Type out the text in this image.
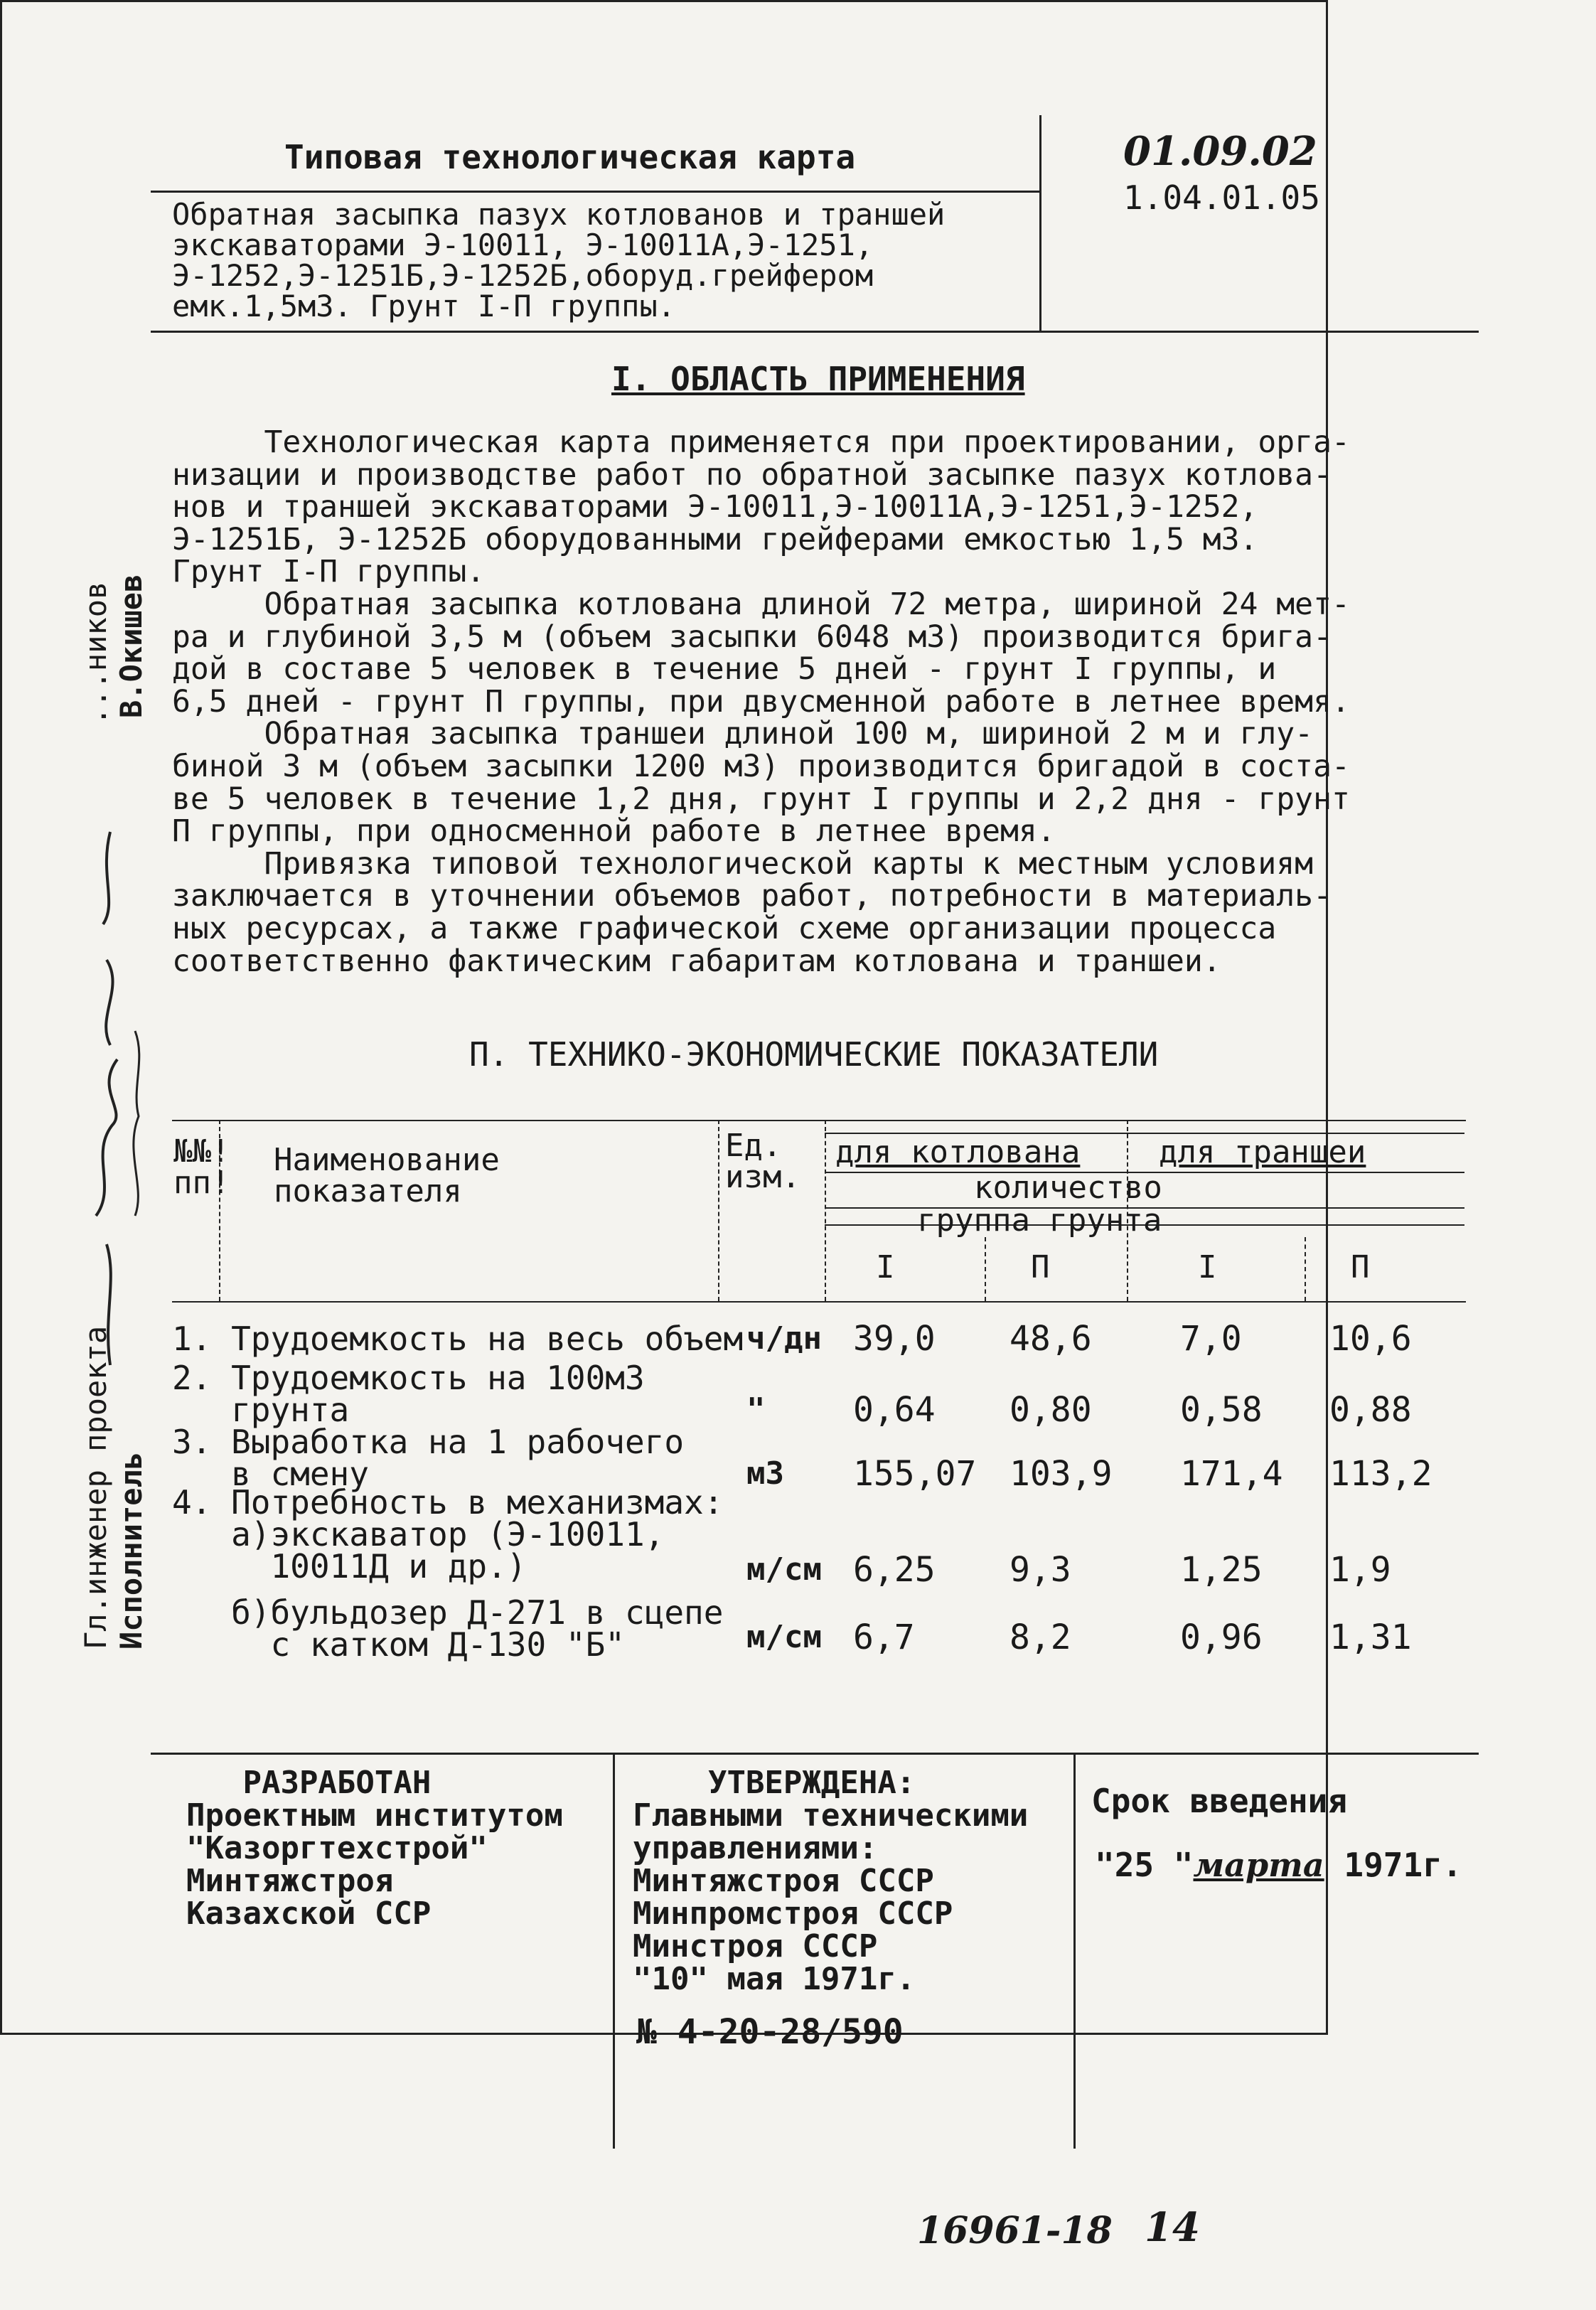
Типовая технологическая карта
Обратная засыпка пазух котлованов и траншей
экскаваторами Э-10011, Э-10011А,Э-1251,
Э-1252,Э-1251Б,Э-1252Б,оборуд.грейфером
емк.1,5м3. Грунт I-П группы.
01.09.02
1.04.01.05
Гл.инженер проекта
...ников
Исполнитель
В.Окишев
I. ОБЛАСТЬ ПРИМЕНЕНИЯ
Технологическая карта применяется при проектировании, орга-
низации и производстве работ по обратной засыпке пазух котлова-
нов и траншей экскаваторами Э-10011,Э-10011А,Э-1251,Э-1252,
Э-1251Б, Э-1252Б оборудованными грейферами емкостью 1,5 м3.
Грунт I-П группы.
Обратная засыпка котлована длиной 72 метра, шириной 24 мет-
ра и глубиной 3,5 м (объем засыпки 6048 м3) производится брига-
дой в составе 5 человек в течение 5 дней - грунт I группы, и
6,5 дней - грунт П группы, при двусменной работе в летнее время.
Обратная засыпка траншеи длиной 100 м, шириной 2 м и глу-
биной 3 м (объем засыпки 1200 м3) производится бригадой в соста-
ве 5 человек в течение 1,2 дня, грунт I группы и 2,2 дня - грунт
П группы, при односменной работе в летнее время.
Привязка типовой технологической карты к местным условиям
заключается в уточнении объемов работ, потребности в материаль-
ных ресурсах, а также графической схеме организации процесса
соответственно фактическим габаритам котлована и траншеи.
П. ТЕХНИКО-ЭКОНОМИЧЕСКИЕ ПОКАЗАТЕЛИ
№№!
пп!
Наименование
показателя
Ед.
изм.
для котлована	для траншеи
количество
группа грунта
I	П	I	П
1. Трудоемкость на весь объем ч/дн 39,0 48,6	7,0	10,6
2. Трудоемкость на 100м3
грунта	"	0,64 0,80	0,58 0,88
3. Выработка на 1 рабочего
в смену	м3 155,07 103,9 171,4 113,2
4. Потребность в механизмах:
а)экскаватор (Э-10011,
10011Д и др.)	м/см 6,25 9,3	1,25 1,9
б)бульдозер Д-271 в сцепе
с катком Д-130 "Б"	м/см 6,7	8,2	0,96 1,31
РАЗРАБОТАН
Проектным институтом
"Казоргтехстрой"
Минтяжстроя
Казахской ССР
УТВЕРЖДЕНА:
Главными техническими
управлениями:
Минтяжстроя СССР
Минпромстроя СССР
Минстроя СССР
"10" мая 1971г.
№ 4-20-28/590
Срок введения
"25 "марта 1971г.
16961-18 14
